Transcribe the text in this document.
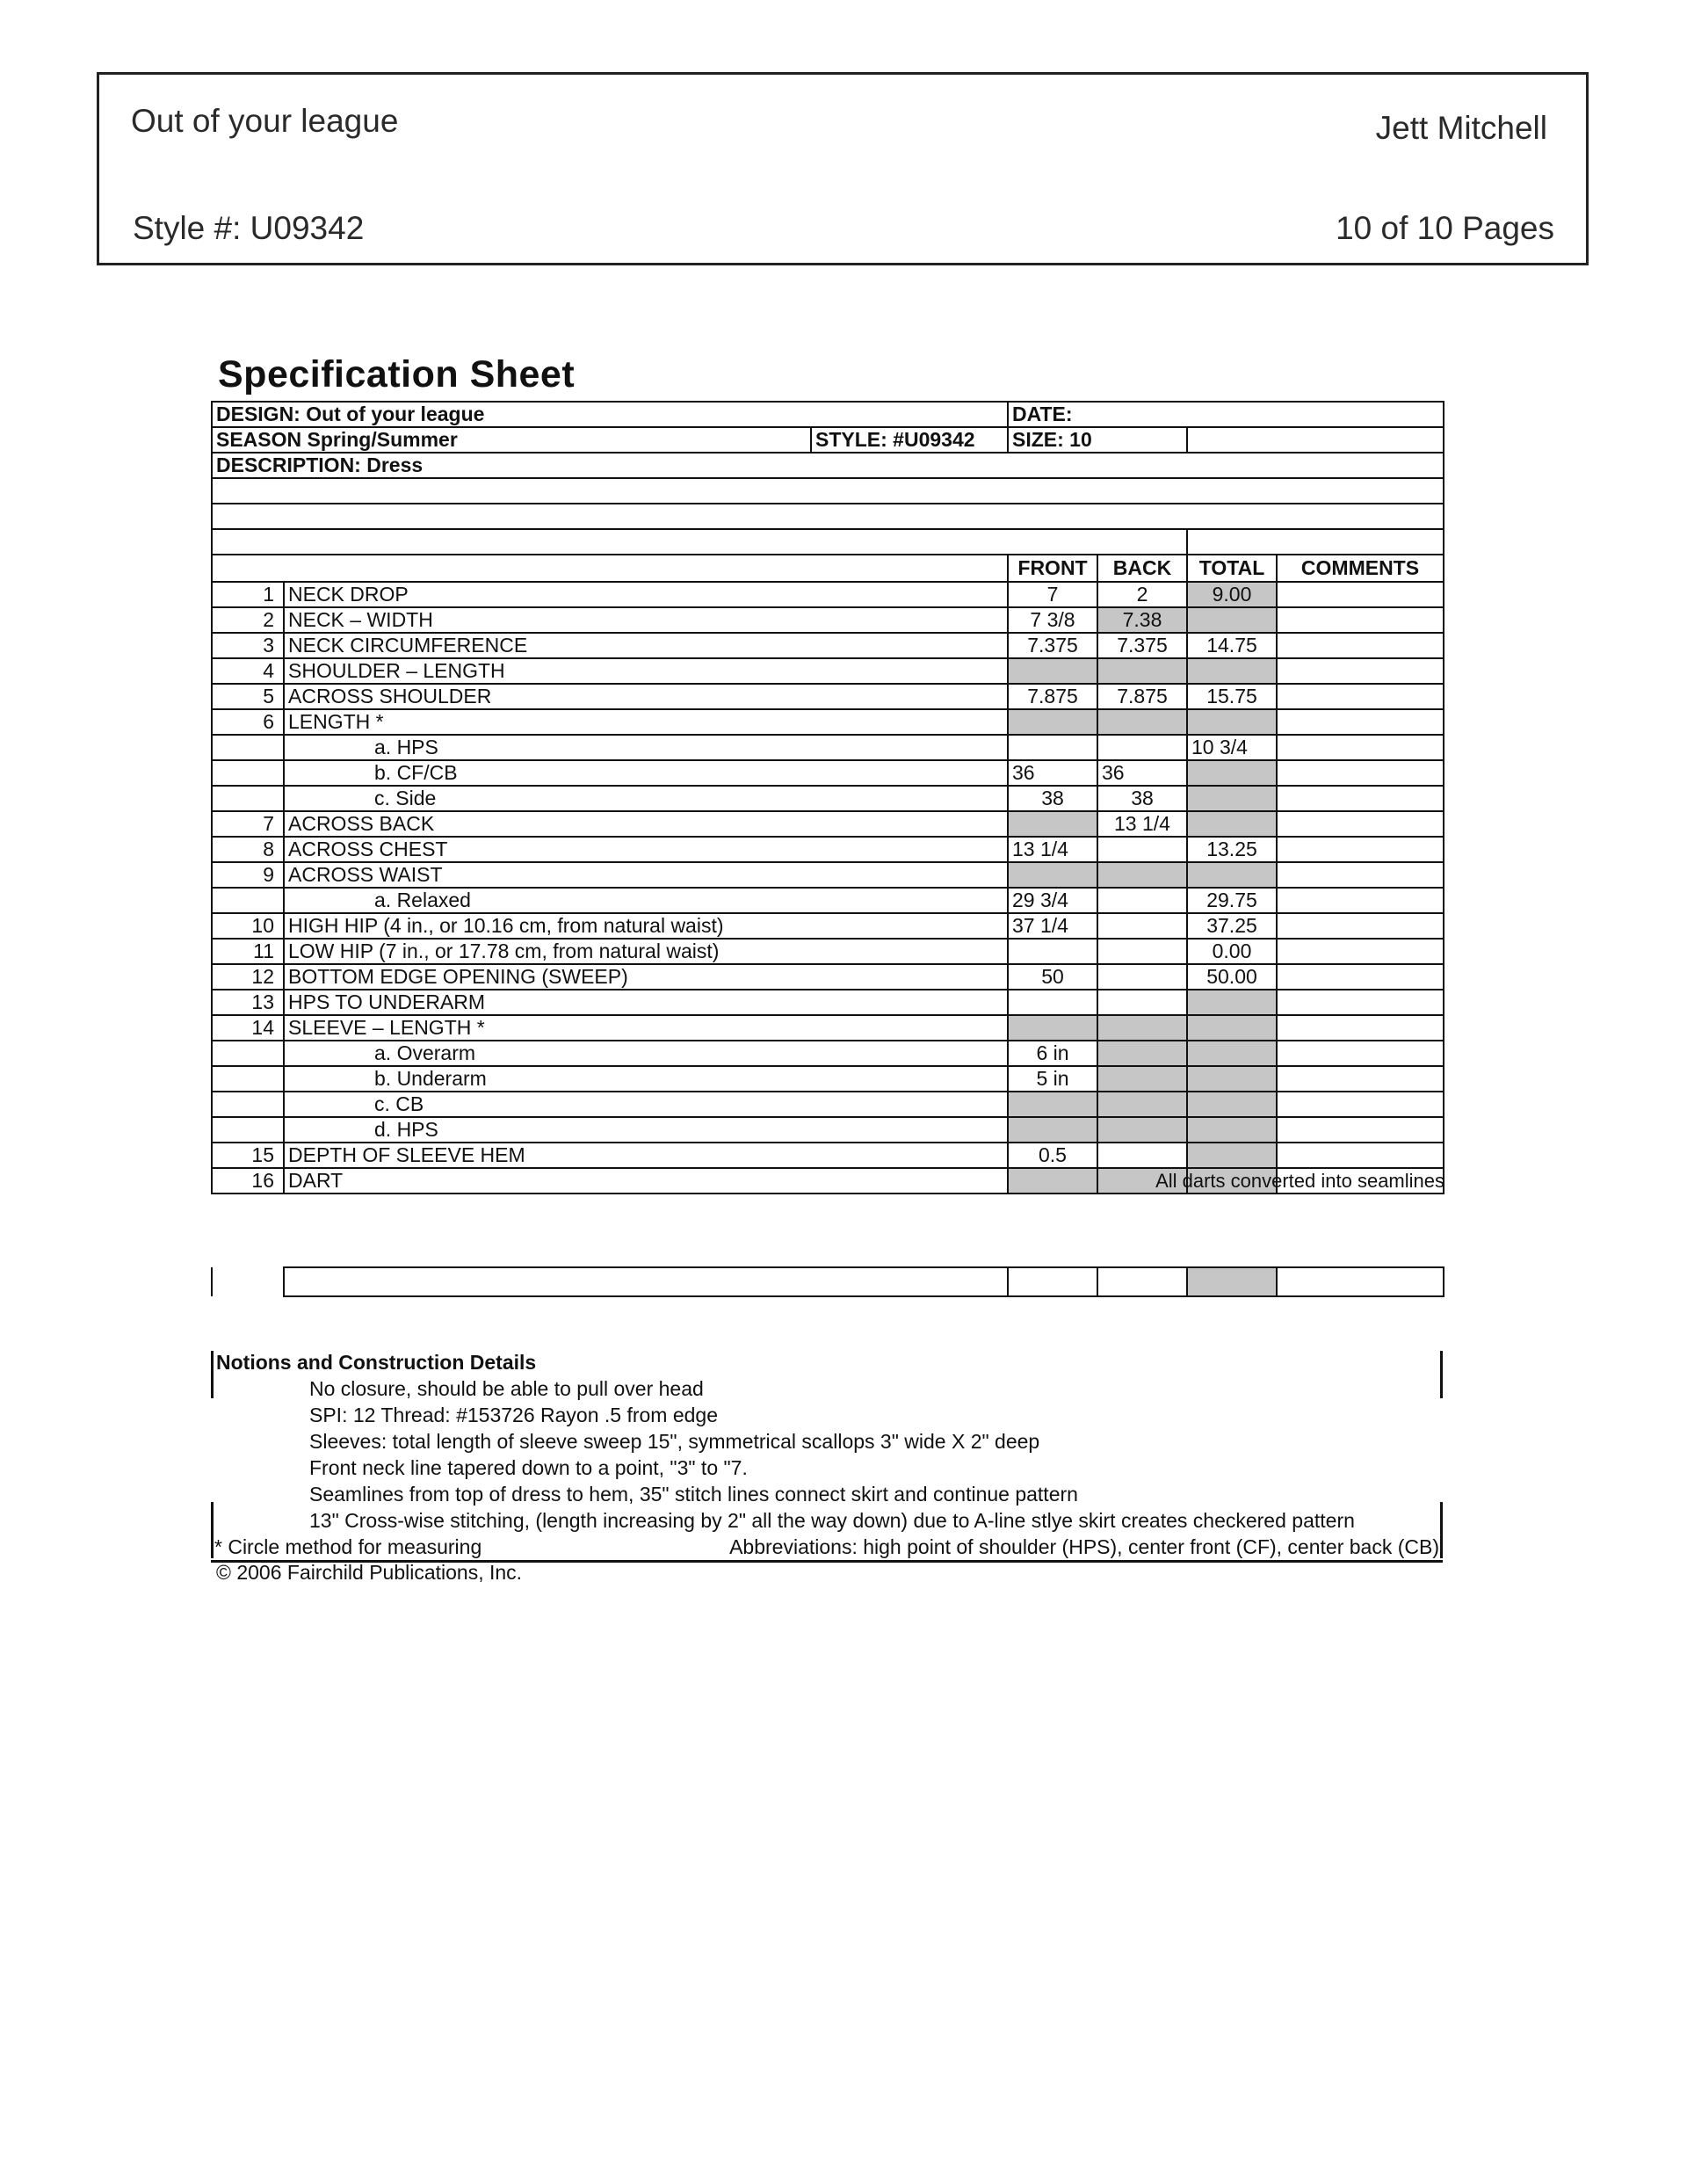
Out of your league	Jett Mitchell
Style #: U09342	10 of 10 Pages
Specification Sheet
DESIGN: Out of your league			DATE:			
SEASON Spring/Summer		STYLE: #U09342	SIZE: 10			
DESCRIPTION: Dress						

			FRONT	BACK	TOTAL	COMMENTS
1	NECK DROP		7	2	9.00	
2	NECK – WIDTH		7 3/8	7.38		
3	NECK CIRCUMFERENCE		7.375	7.375	14.75	
4	SHOULDER – LENGTH					
5	ACROSS SHOULDER		7.875	7.875	15.75	
6	LENGTH *					
	a. HPS				10 3/4	
	b. CF/CB		36	36		
	c. Side		38	38		
7	ACROSS BACK			13 1/4		
8	ACROSS CHEST		13 1/4		13.25	
9	ACROSS WAIST					
	a. Relaxed		29 3/4		29.75	
10	HIGH HIP (4 in., or 10.16 cm, from natural waist)		37 1/4		37.25	
11	LOW HIP (7 in., or 17.78 cm, from natural waist)				0.00	
12	BOTTOM EDGE OPENING (SWEEP)		50		50.00	
13	HPS TO UNDERARM					
14	SLEEVE – LENGTH *					
	a. Overarm		6 in			
	b. Underarm		5 in			
	c. CB					
	d. HPS					
15	DEPTH OF SLEEVE HEM		0.5			
16	DART					All darts converted into seamlines

Notions and Construction Details
No closure, should be able to pull over head
SPI: 12 Thread: #153726 Rayon .5 from edge
Sleeves: total length of sleeve sweep 15", symmetrical scallops 3" wide X 2" deep
Front neck line tapered down to a point, "3" to "7.
Seamlines from top of dress to hem, 35" stitch lines connect skirt and continue pattern
13" Cross-wise stitching, (length increasing by 2" all the way down) due to A-line stlye skirt creates checkered pattern
* Circle method for measuring	Abbreviations: high point of shoulder (HPS), center front (CF), center back (CB)
© 2006 Fairchild Publications, Inc.
